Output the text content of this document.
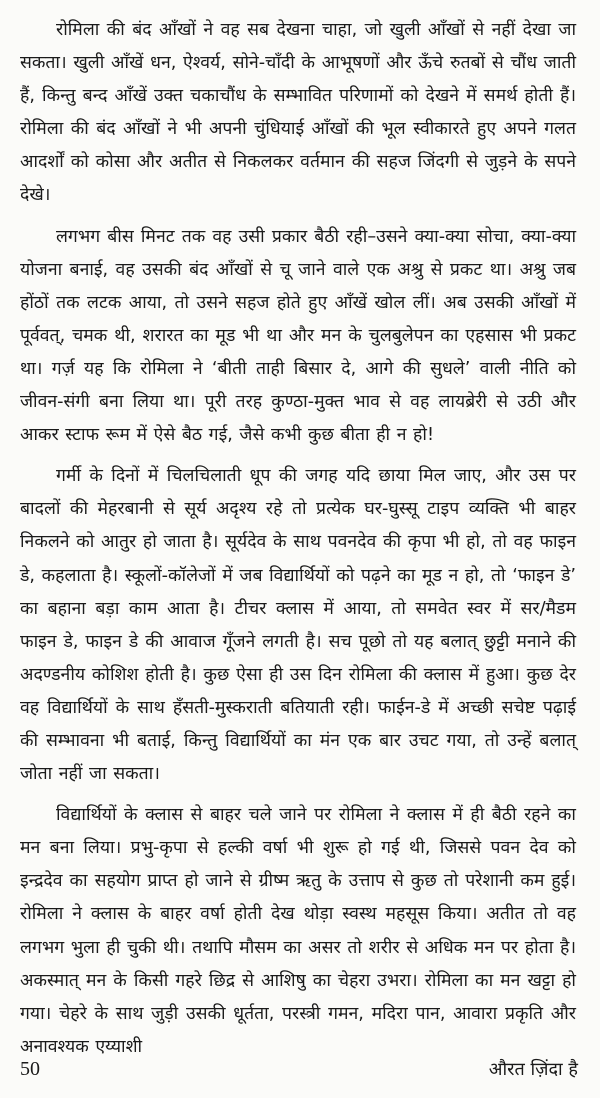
रोमिला की बंद आँखों ने वह सब देखना चाहा, जो खुली आँखों से नहीं देखा जा सकता। खुली आँखें धन, ऐश्वर्य, सोने-चाँदी के आभूषणों और ऊँचे रुतबों से चौंध जाती हैं, किन्तु बन्द आँखें उक्त चकाचौंध के सम्भावित परिणामों को देखने में समर्थ होती हैं। रोमिला की बंद आँखों ने भी अपनी चुंधियाई आँखों की भूल स्वीकारते हुए अपने गलत आदर्शों को कोसा और अतीत से निकलकर वर्तमान की सहज जिंदगी से जुड़ने के सपने देखे।

लगभग बीस मिनट तक वह उसी प्रकार बैठी रही–उसने क्या-क्या सोचा, क्या-क्या योजना बनाई, वह उसकी बंद आँखों से चू जाने वाले एक अश्रु से प्रकट था। अश्रु जब होंठों तक लटक आया, तो उसने सहज होते हुए आँखें खोल लीं। अब उसकी आँखों में पूर्ववत्, चमक थी, शरारत का मूड भी था और मन के चुलबुलेपन का एहसास भी प्रकट था। गर्ज़ यह कि रोमिला ने ‘बीती ताही बिसार दे, आगे की सुधले’ वाली नीति को जीवन-संगी बना लिया था। पूरी तरह कुण्ठा-मुक्त भाव से वह लायब्रेरी से उठी और आकर स्टाफ रूम में ऐसे बैठ गई, जैसे कभी कुछ बीता ही न हो!

गर्मी के दिनों में चिलचिलाती धूप की जगह यदि छाया मिल जाए, और उस पर बादलों की मेहरबानी से सूर्य अदृश्य रहे तो प्रत्येक घर-घुस्सू टाइप व्यक्ति भी बाहर निकलने को आतुर हो जाता है। सूर्यदेव के साथ पवनदेव की कृपा भी हो, तो वह फाइन डे, कहलाता है। स्कूलों-कॉलेजों में जब विद्यार्थियों को पढ़ने का मूड न हो, तो ‘फाइन डे’ का बहाना बड़ा काम आता है। टीचर क्लास में आया, तो समवेत स्वर में सर/मैडम फाइन डे, फाइन डे की आवाज गूँजने लगती है। सच पूछो तो यह बलात् छुट्टी मनाने की अदण्डनीय कोशिश होती है। कुछ ऐसा ही उस दिन रोमिला की क्लास में हुआ। कुछ देर वह विद्यार्थियों के साथ हँसती-मुस्कराती बतियाती रही। फाईन-डे में अच्छी सचेष्ट पढ़ाई की सम्भावना भी बताई, किन्तु विद्यार्थियों का मंन एक बार उचट गया, तो उन्हें बलात् जोता नहीं जा सकता।

विद्यार्थियों के क्लास से बाहर चले जाने पर रोमिला ने क्लास में ही बैठी रहने का मन बना लिया। प्रभु-कृपा से हल्की वर्षा भी शुरू हो गई थी, जिससे पवन देव को इन्द्रदेव का सहयोग प्राप्त हो जाने से ग्रीष्म ऋतु के उत्ताप से कुछ तो परेशानी कम हुई। रोमिला ने क्लास के बाहर वर्षा होती देख थोड़ा स्वस्थ महसूस किया। अतीत तो वह लगभग भुला ही चुकी थी। तथापि मौसम का असर तो शरीर से अधिक मन पर होता है। अकस्मात् मन के किसी गहरे छिद्र से आशिषु का चेहरा उभरा। रोमिला का मन खट्टा हो गया। चेहरे के साथ जुड़ी उसकी धूर्तता, परस्त्री गमन, मदिरा पान, आवारा प्रकृति और अनावश्यक एय्याशी

50	औरत ज़िंदा है
